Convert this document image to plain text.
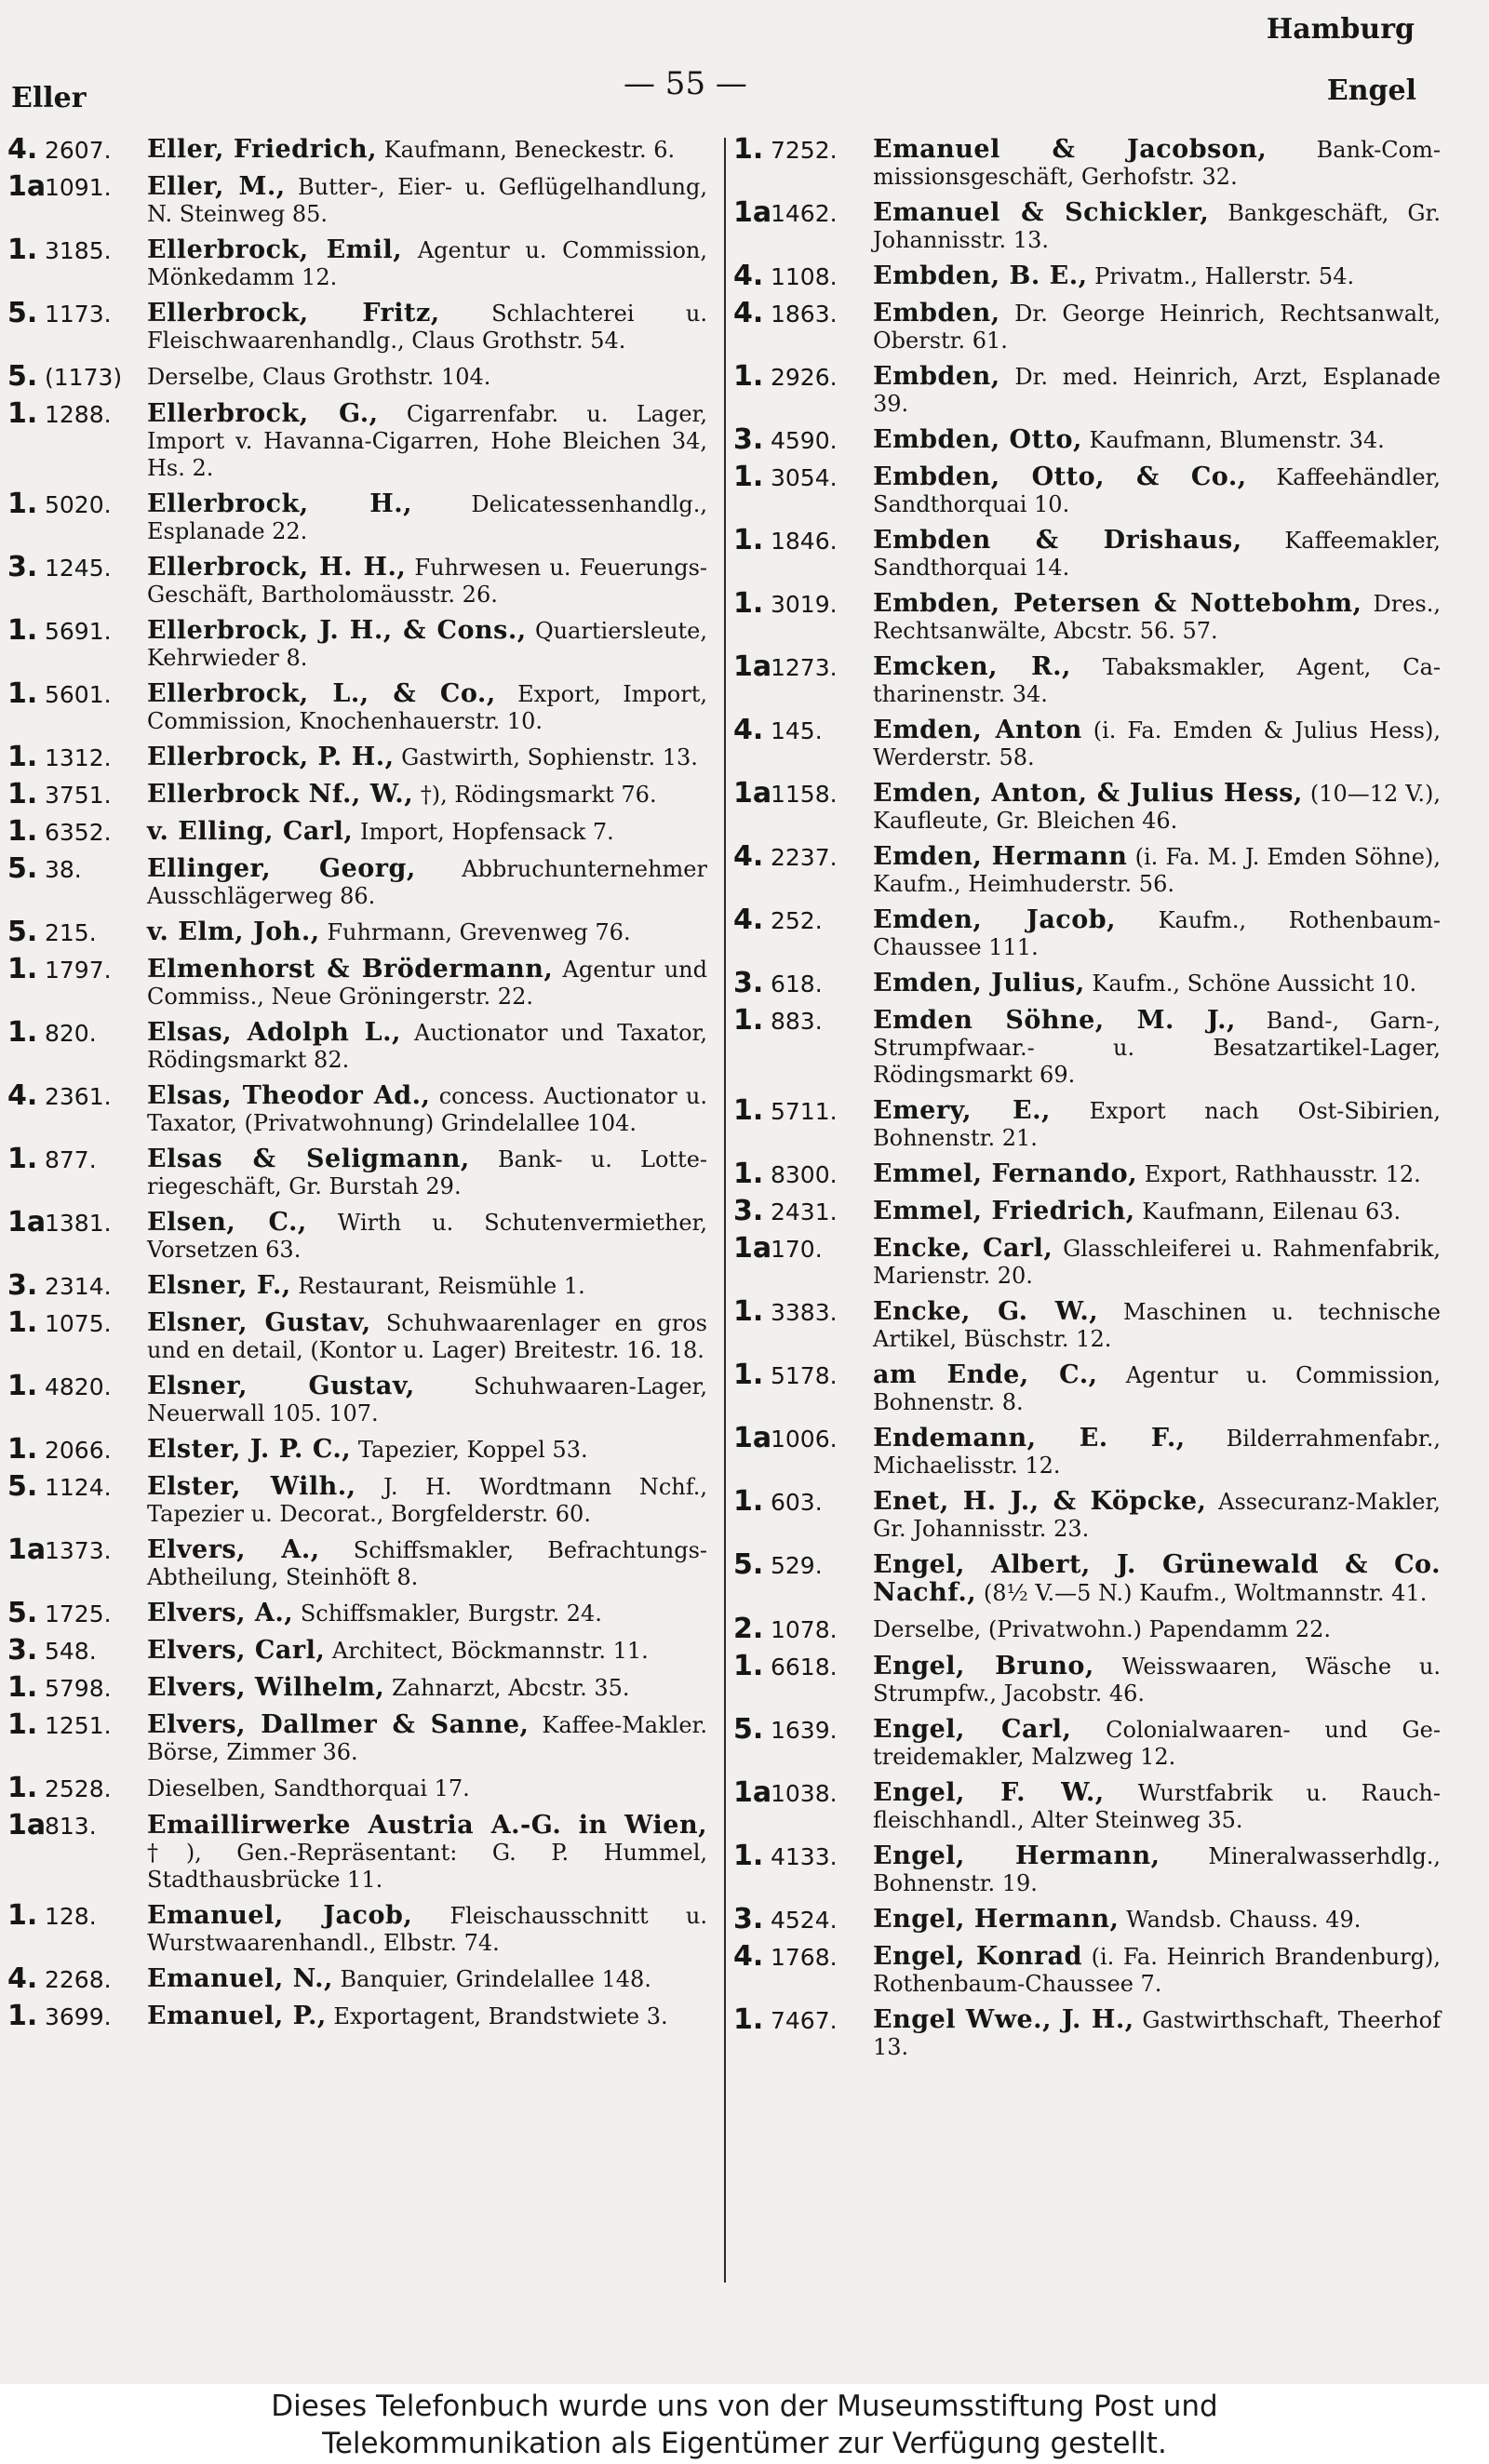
Hamburg
Eller	— 55 —	Engel
4. 2607.	Eller, Friedrich, Kaufmann, Beneckestr. 6.
1a1091.	Eller, M., Butter-, Eier- u. Geflügelhandlung, N. Steinweg 85.
1. 3185.	Ellerbrock, Emil, Agentur u. Commission, Mönkedamm 12.
5. 1173.	Ellerbrock, Fritz, Schlachterei u. Fleischwaarenhandlg., Claus Grothstr. 54.
5. (1173)	Derselbe, Claus Grothstr. 104.
1. 1288.	Ellerbrock, G., Cigarrenfabr. u. Lager, Import v. Havanna-Cigarren, Hohe Bleichen 34, Hs. 2.
1. 5020.	Ellerbrock, H., Delicatessenhandlg., Esplanade 22.
3. 1245.	Ellerbrock, H. H., Fuhrwesen u. Feuerungs-Geschäft, Bartholomäusstr. 26.
1. 5691.	Ellerbrock, J. H., & Cons., Quartiersleute, Kehrwieder 8.
1. 5601.	Ellerbrock, L., & Co., Export, Import, Commission, Knochenhauerstr. 10.
1. 1312.	Ellerbrock, P. H., Gastwirth, Sophienstr. 13.
1. 3751.	Ellerbrock Nf., W., †), Rödingsmarkt 76.
1. 6352.	v. Elling, Carl, Import, Hopfensack 7.
5. 38.	Ellinger, Georg, Abbruchunternehmer Ausschlägerweg 86.
5. 215.	v. Elm, Joh., Fuhrmann, Grevenweg 76.
1. 1797.	Elmenhorst & Brödermann, Agentur und Commiss., Neue Gröningerstr. 22.
1. 820.	Elsas, Adolph L., Auctionator und Taxator, Rödingsmarkt 82.
4. 2361.	Elsas, Theodor Ad., concess. Auctionator u. Taxator, (Privatwohnung) Grindelallee 104.
1. 877.	Elsas & Seligmann, Bank- u. Lotteriegeschäft, Gr. Burstah 29.
1a1381.	Elsen, C., Wirth u. Schutenvermiether, Vorsetzen 63.
3. 2314.	Elsner, F., Restaurant, Reismühle 1.
1. 1075.	Elsner, Gustav, Schuhwaarenlager en gros und en detail, (Kontor u. Lager) Breitestr. 16. 18.
1. 4820.	Elsner, Gustav, Schuhwaaren-Lager, Neuerwall 105. 107.
1. 2066.	Elster, J. P. C., Tapezier, Koppel 53.
5. 1124.	Elster, Wilh., J. H. Wordtmann Nchf., Tapezier u. Decorat., Borgfelderstr. 60.
1a1373.	Elvers, A., Schiffsmakler, Befrachtungs-Abtheilung, Steinhöft 8.
5. 1725.	Elvers, A., Schiffsmakler, Burgstr. 24.
3. 548.	Elvers, Carl, Architect, Böckmannstr. 11.
1. 5798.	Elvers, Wilhelm, Zahnarzt, Abcstr. 35.
1. 1251.	Elvers, Dallmer & Sanne, Kaffee-Makler. Börse, Zimmer 36.
1. 2528.	Dieselben, Sandthorquai 17.
1a813.	Emaillirwerke Austria A.-G. in Wien, †), Gen.-Repräsentant: G. P. Hummel, Stadthausbrücke 11.
1. 128.	Emanuel, Jacob, Fleischausschnitt u. Wurstwaarenhandl., Elbstr. 74.
4. 2268.	Emanuel, N., Banquier, Grindelallee 148.
1. 3699.	Emanuel, P., Exportagent, Brandstwiete 3.
1. 7252.	Emanuel & Jacobson, Bank-Commissionsgeschäft, Gerhofstr. 32.
1a1462.	Emanuel & Schickler, Bankgeschäft, Gr. Johannisstr. 13.
4. 1108.	Embden, B. E., Privatm., Hallerstr. 54.
4. 1863.	Embden, Dr. George Heinrich, Rechtsanwalt, Oberstr. 61.
1. 2926.	Embden, Dr. med. Heinrich, Arzt, Esplanade 39.
3. 4590.	Embden, Otto, Kaufmann, Blumenstr. 34.
1. 3054.	Embden, Otto, & Co., Kaffeehändler, Sandthorquai 10.
1. 1846.	Embden & Drishaus, Kaffeemakler, Sandthorquai 14.
1. 3019.	Embden, Petersen & Nottebohm, Dres., Rechtsanwälte, Abcstr. 56. 57.
1a1273.	Emcken, R., Tabaksmakler, Agent, Catharinenstr. 34.
4. 145.	Emden, Anton (i. Fa. Emden & Julius Hess), Werderstr. 58.
1a1158.	Emden, Anton, & Julius Hess, (10—12 V.), Kaufleute, Gr. Bleichen 46.
4. 2237.	Emden, Hermann (i. Fa. M. J. Emden Söhne), Kaufm., Heimhuderstr. 56.
4. 252.	Emden, Jacob, Kaufm., Rothenbaum-Chaussee 111.
3. 618.	Emden, Julius, Kaufm., Schöne Aussicht 10.
1. 883.	Emden Söhne, M. J., Band-, Garn-, Strumpfwaar.- u. Besatzartikel-Lager, Rödingsmarkt 69.
1. 5711.	Emery, E., Export nach Ost-Sibirien, Bohnenstr. 21.
1. 8300.	Emmel, Fernando, Export, Rathhausstr. 12.
3. 2431.	Emmel, Friedrich, Kaufmann, Eilenau 63.
1a170.	Encke, Carl, Glasschleiferei u. Rahmenfabrik, Marienstr. 20.
1. 3383.	Encke, G. W., Maschinen u. technische Artikel, Büschstr. 12.
1. 5178.	am Ende, C., Agentur u. Commission, Bohnenstr. 8.
1a1006.	Endemann, E. F., Bilderrahmenfabr., Michaelisstr. 12.
1. 603.	Enet, H. J., & Köpcke, Assecuranz-Makler, Gr. Johannisstr. 23.
5. 529.	Engel, Albert, J. Grünewald & Co. Nachf., (8½ V.—5 N.) Kaufm., Woltmannstr. 41.
2. 1078.	Derselbe, (Privatwohn.) Papendamm 22.
1. 6618.	Engel, Bruno, Weisswaaren, Wäsche u. Strumpfw., Jacobstr. 46.
5. 1639.	Engel, Carl, Colonialwaaren- und Getreidemakler, Malzweg 12.
1a1038.	Engel, F. W., Wurstfabrik u. Rauchfleischhandl., Alter Steinweg 35.
1. 4133.	Engel, Hermann, Mineralwasserhdlg., Bohnenstr. 19.
3. 4524.	Engel, Hermann, Wandsb. Chauss. 49.
4. 1768.	Engel, Konrad (i. Fa. Heinrich Brandenburg), Rothenbaum-Chaussee 7.
1. 7467.	Engel Wwe., J. H., Gastwirthschaft, Theerhof 13.
Dieses Telefonbuch wurde uns von der Museumsstiftung Post und
Telekommunikation als Eigentümer zur Verfügung gestellt.
